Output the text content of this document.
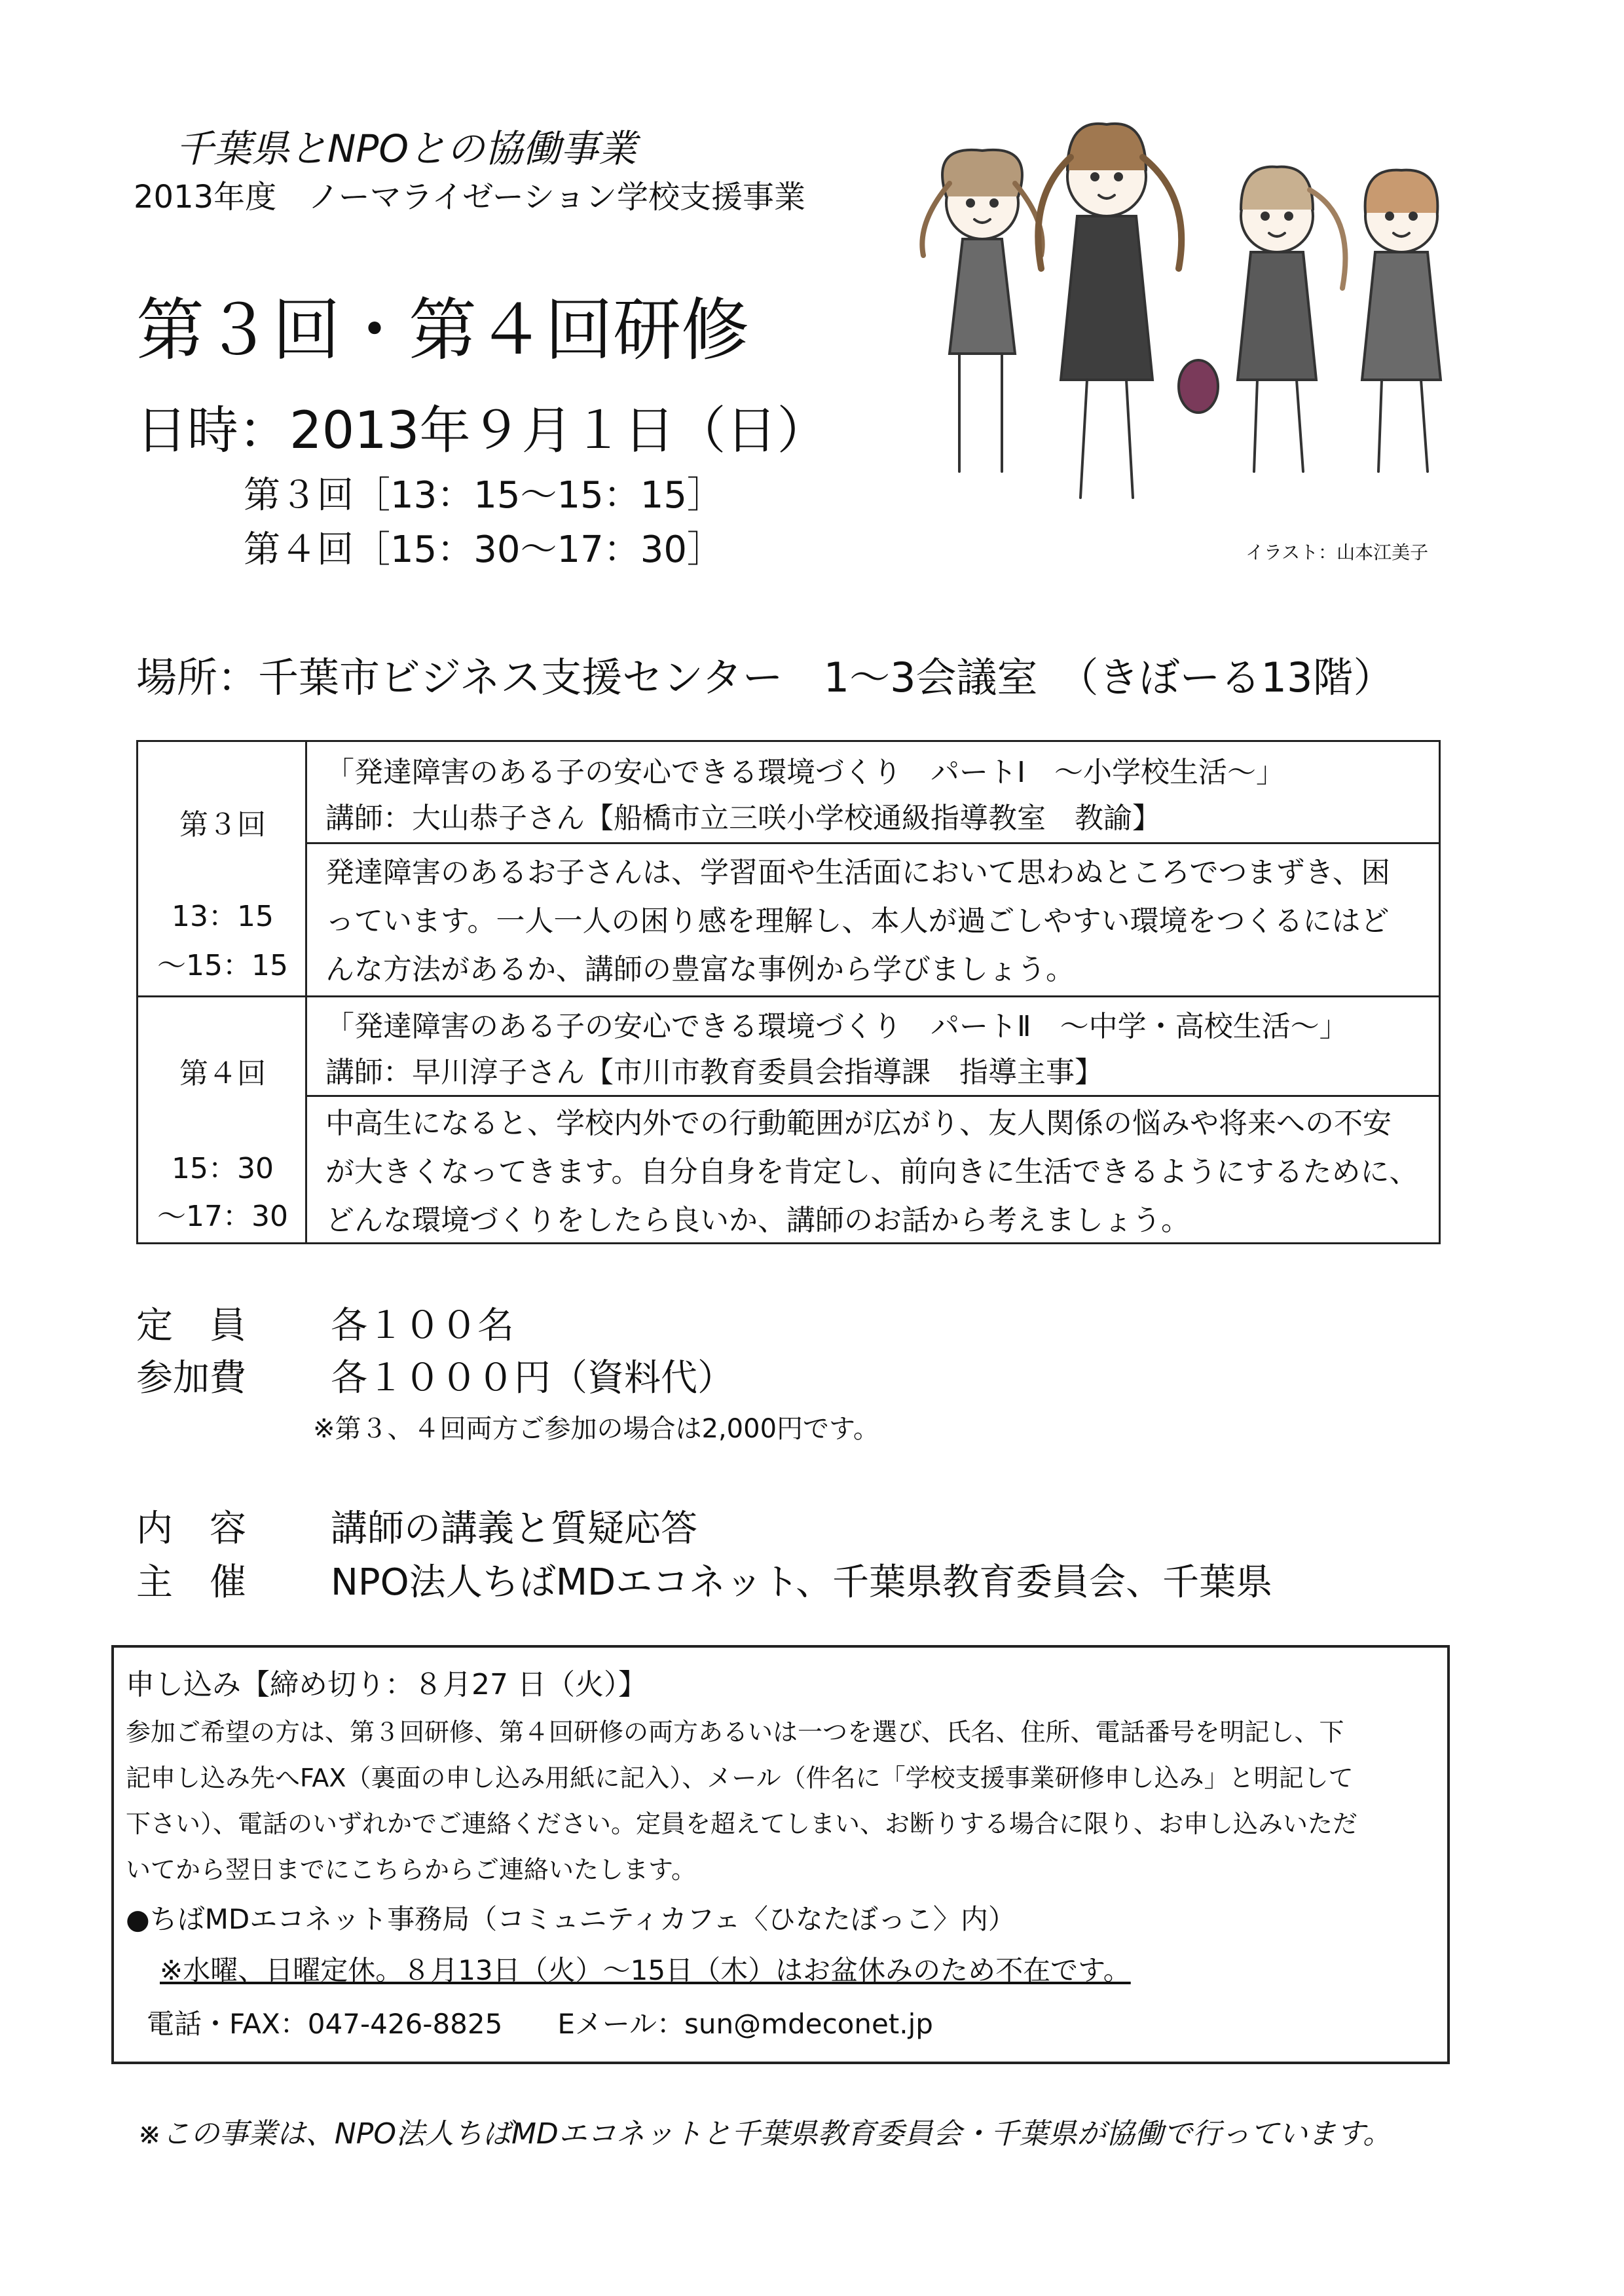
千葉県とNPOとの協働事業
2013年度　ノーマライゼーション学校支援事業
第３回・第４回研修
日時：2013年９月１日（日）
第３回［13：15〜15：15］
第４回［15：30〜17：30］	イラスト：山本江美子
場所：千葉市ビジネス支援センター　1〜3会議室　（きぼーる13階）
第３回
13：15
〜15：15
「発達障害のある子の安心できる環境づくり　パートⅠ　〜小学校生活〜」
講師：大山恭子さん【船橋市立三咲小学校通級指導教室　教諭】
発達障害のあるお子さんは、学習面や生活面において思わぬところでつまずき、困
っています。一人一人の困り感を理解し、本人が過ごしやすい環境をつくるにはど
んな方法があるか、講師の豊富な事例から学びましょう。
第４回
15：30
〜17：30
「発達障害のある子の安心できる環境づくり　パートⅡ　〜中学・高校生活〜」
講師：早川淳子さん【市川市教育委員会指導課　指導主事】
中高生になると、学校内外での行動範囲が広がり、友人関係の悩みや将来への不安
が大きくなってきます。自分自身を肯定し、前向きに生活できるようにするために、
どんな環境づくりをしたら良いか、講師のお話から考えましょう。
定　員 各１００名
参加費 各１０００円（資料代）
※第３、４回両方ご参加の場合は2,000円です。
内　容 講師の講義と質疑応答
主　催 NPO法人ちばMDエコネット、千葉県教育委員会、千葉県
申し込み【締め切り：８月27 日（火）】
参加ご希望の方は、第３回研修、第４回研修の両方あるいは一つを選び、氏名、住所、電話番号を明記し、下
記申し込み先へFAX（裏面の申し込み用紙に記入）、メール（件名に「学校支援事業研修申し込み」と明記して
下さい）、電話のいずれかでご連絡ください。定員を超えてしまい、お断りする場合に限り、お申し込みいただ
いてから翌日までにこちらからご連絡いたします。
●ちばMDエコネット事務局（コミュニティカフェ〈ひなたぼっこ〉内）
※水曜、日曜定休。８月13日（火）〜15日（木）はお盆休みのため不在です。
電話・FAX：047-426-8825　　Eメール：sun@mdeconet.jp
※この事業は、NPO法人ちばMDエコネットと千葉県教育委員会・千葉県が協働で行っています。
